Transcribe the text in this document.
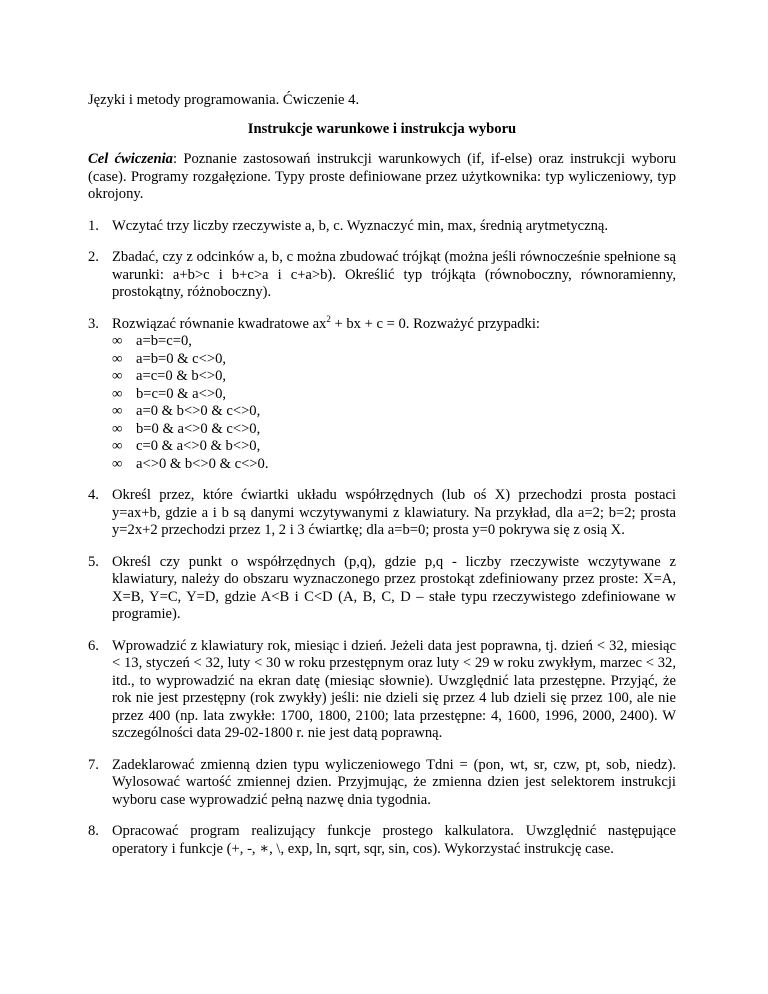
Języki i metody programowania. Ćwiczenie 4.

Instrukcje warunkowe i instrukcja wyboru

Cel ćwiczenia: Poznanie zastosowań instrukcji warunkowych (if, if-else) oraz instrukcji wyboru (case). Programy rozgałęzione. Typy proste definiowane przez użytkownika: typ wyliczeniowy, typ okrojony.

1. Wczytać trzy liczby rzeczywiste a, b, c. Wyznaczyć min, max, średnią arytmetyczną.
2. Zbadać, czy z odcinków a, b, c można zbudować trójkąt (można jeśli równocześnie spełnione są warunki: a+b>c i b+c>a i c+a>b). Określić typ trójkąta (równoboczny, równoramienny, prostokątny, różnoboczny).
3. Rozwiązać równanie kwadratowe $ax^2$ + bx + c = 0. Rozważyć przypadki:
∞ a=b=c=0,
∞ a=b=0 & c<>0,
∞ a=c=0 & b<>0,
∞ b=c=0 & a<>0,
∞ a=0 & b<>0 & c<>0,
∞ b=0 & a<>0 & c<>0,
∞ c=0 & a<>0 & b<>0,
∞ a<>0 & b<>0 & c<>0.
4. Określ przez, które ćwiartki układu współrzędnych (lub oś X) przechodzi prosta postaci y=ax+b, gdzie a i b są danymi wczytywanymi z klawiatury. Na przykład, dla a=2; b=2; prosta y=2x+2 przechodzi przez 1, 2 i 3 ćwiartkę; dla a=b=0; prosta y=0 pokrywa się z osią X.
5. Określ czy punkt o współrzędnych (p,q), gdzie p,q - liczby rzeczywiste wczytywane z klawiatury, należy do obszaru wyznaczonego przez prostokąt zdefiniowany przez proste: X=A, X=B, Y=C, Y=D, gdzie A<B i C<D (A, B, C, D – stałe typu rzeczywistego zdefiniowane w programie).
6. Wprowadzić z klawiatury rok, miesiąc i dzień. Jeżeli data jest poprawna, tj. dzień < 32, miesiąc < 13, styczeń < 32, luty < 30 w roku przestępnym oraz luty < 29 w roku zwykłym, marzec < 32, itd., to wyprowadzić na ekran datę (miesiąc słownie). Uwzględnić lata przestępne. Przyjąć, że rok nie jest przestępny (rok zwykły) jeśli: nie dzieli się przez 4 lub dzieli się przez 100, ale nie przez 400 (np. lata zwykłe: 1700, 1800, 2100; lata przestępne: 4, 1600, 1996, 2000, 2400). W szczególności data 29-02-1800 r. nie jest datą poprawną.
7. Zadeklarować zmienną dzien typu wyliczeniowego Tdni = (pon, wt, sr, czw, pt, sob, niedz). Wylosować wartość zmiennej dzien. Przyjmując, że zmienna dzien jest selektorem instrukcji wyboru case wyprowadzić pełną nazwę dnia tygodnia.
8. Opracować program realizujący funkcje prostego kalkulatora. Uwzględnić następujące operatory i funkcje (+, -, ∗, \, exp, ln, sqrt, sqr, sin, cos). Wykorzystać instrukcję case.
